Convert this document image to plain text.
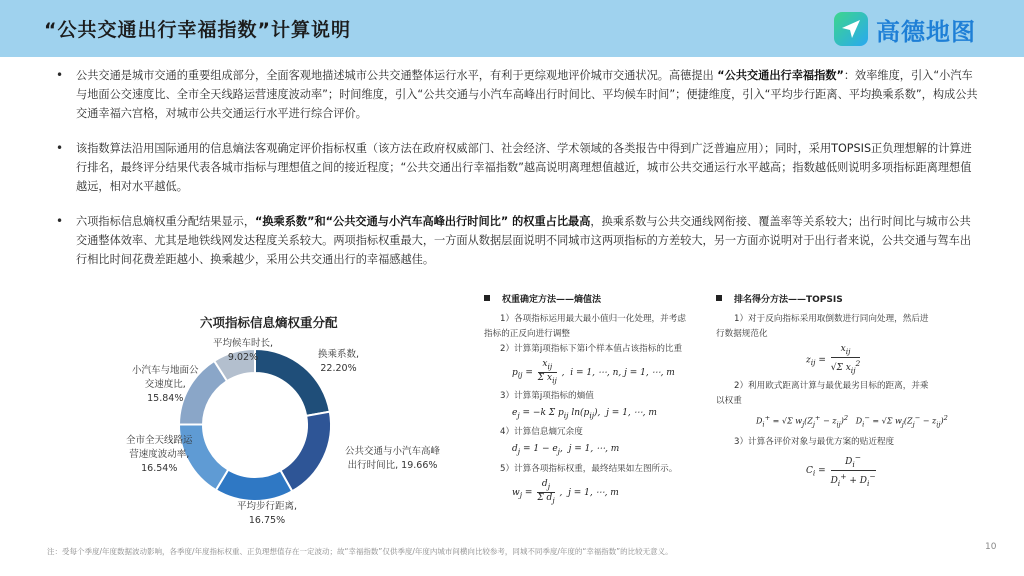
“公共交通出行幸福指数”计算说明	高德地图
• 公共交通是城市交通的重要组成部分，全面客观地描述城市公共交通整体运行水平，有利于更综观地评价城市交通状况。高德提出 “公共交通出行幸福指数”：效率维度，引入“小汽车与地面公交速度比、全市全天线路运营速度波动率”；时间维度，引入“公共交通与小汽车高峰出行时间比、平均候车时间”；便捷维度，引入“平均步行距离、平均换乘系数”，构成公共交通幸福六宫格，对城市公共交通运行水平进行综合评价。
• 该指数算法沿用国际通用的信息熵法客观确定评价指标权重（该方法在政府权威部门、社会经济、学术领域的各类报告中得到广泛普遍应用）；同时，采用TOPSIS正负理想解的计算进行排名，最终评分结果代表各城市指标与理想值之间的接近程度；“公共交通出行幸福指数”越高说明离理想值越近，城市公共交通运行水平越高；指数越低则说明多项指标距离理想值越远，相对水平越低。
• 六项指标信息熵权重分配结果显示，“换乘系数”和“公共交通与小汽车高峰出行时间比” 的权重占比最高，换乘系数与公共交通线网衔接、覆盖率等关系较大；出行时间比与城市公共交通整体效率、尤其是地铁线网发达程度关系较大。两项指标权重最大，一方面从数据层面说明不同城市这两项指标的方差较大，另一方面亦说明对于出行者来说，公共交通与驾车出行相比时间花费差距越小、换乘越少，采用公共交通出行的幸福感越佳。
六项指标信息熵权重分配
换乘系数,
22.20%
公共交通与小汽车高峰
出行时间比, 19.66%
平均步行距离,
16.75%
全市全天线路运
营速度波动率,
16.54%
小汽车与地面公
交速度比,
15.84%
平均候车时长,
9.02%
权重确定方法——熵值法
1）各项指标运用最大最小值归一化处理，并考虑
指标的正反向进行调整
2）计算第j项指标下第i个样本值占该指标的比重
$p_{ij} = \frac{x_{ij}}{\Sigma x_{ij}}$ ,  i = 1, ⋯, n, j = 1, ⋯, m
3）计算第j项指标的熵值
$e_j = -k$ Σ $p_{ij}$ $\ln(p_{ij})$,  j = 1, ⋯, m
4）计算信息熵冗余度
$d_j = 1 - e_j$,  j = 1, ⋯, m
5）计算各项指标权重，最终结果如左图所示。
$w_j = \frac{d_j}{\Sigma d_j}$ ,  j = 1, ⋯, m
排名得分方法——TOPSIS
1）对于反向指标采用取倒数进行同向处理，然后进
行数据规范化
$z_{ij} = \frac{x_{ij}}{√\Sigma x_{ij}^2}$
2）利用欧式距离计算与最优最劣目标的距离，并乘
以权重
$D_i^+ = √\Sigma$ $w_j(Z_j^+ - z_{ij})^2$   $D_i^- = √\Sigma$ $w_j(Z_j^- - z_{ij})^2$
3）计算各评价对象与最优方案的贴近程度
$C_i = \frac{D_i^-}{D_i^+ + D_i^-}$
注：受每个季度/年度数据波动影响，各季度/年度指标权重、正负理想值存在一定波动；故“幸福指数”仅供季度/年度内城市间横向比较参考，同城不同季度/年度的“幸福指数”的比较无意义。	10
